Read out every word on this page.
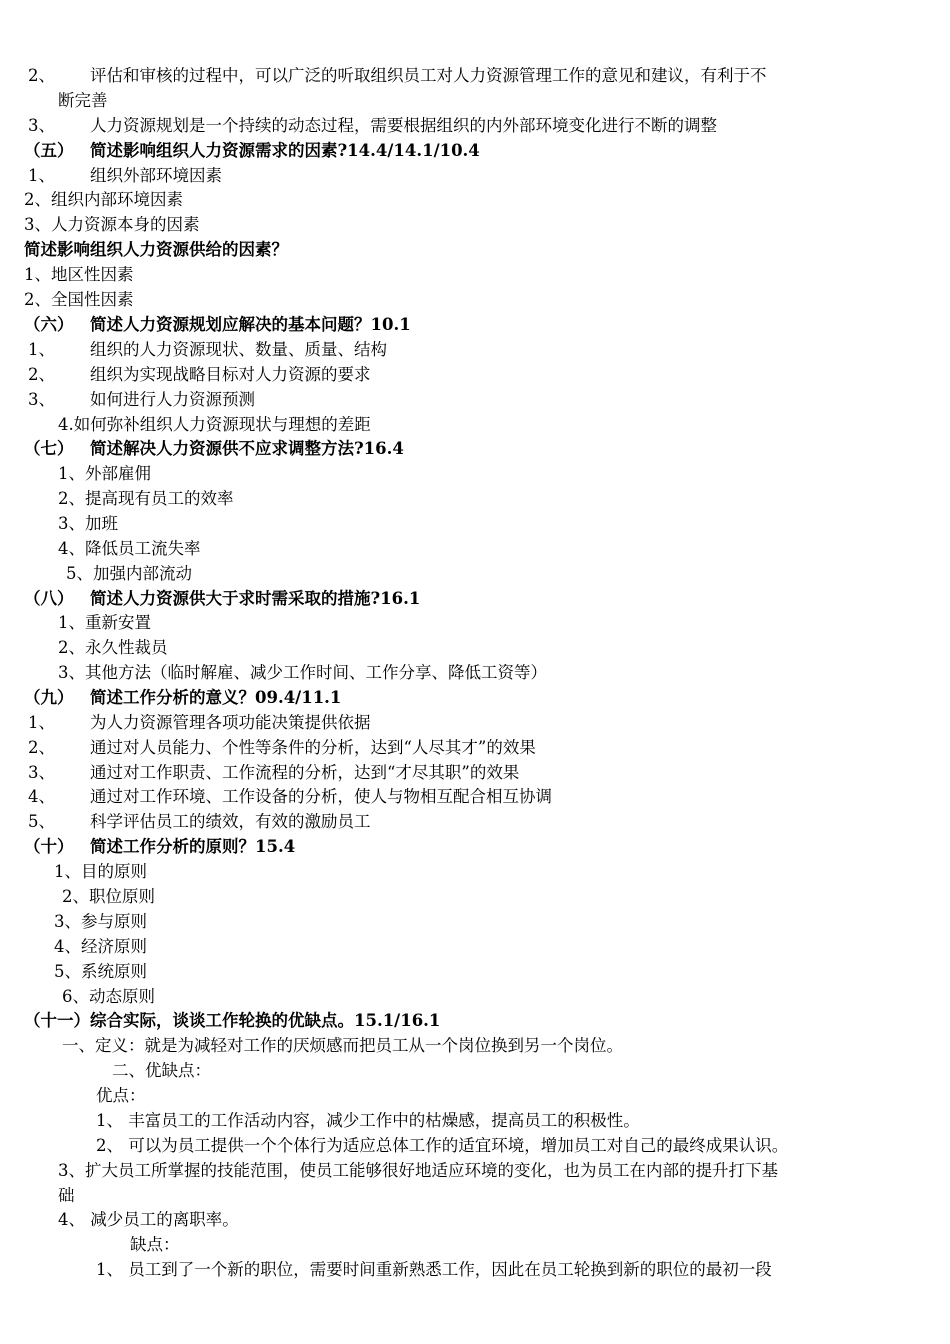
2、 评估和审核的过程中，可以广泛的听取组织员工对人力资源管理工作的意见和建议，有利于不
断完善
3、 人力资源规划是一个持续的动态过程，需要根据组织的内外部环境变化进行不断的调整
（五） 简述影响组织人力资源需求的因素?14.4/14.1/10.4
1、 组织外部环境因素
2、组织内部环境因素
3、人力资源本身的因素
简述影响组织人力资源供给的因素？
1、地区性因素
2、全国性因素
（六） 简述人力资源规划应解决的基本问题？10.1
1、 组织的人力资源现状、数量、质量、结构
2、 组织为实现战略目标对人力资源的要求
3、 如何进行人力资源预测
4.如何弥补组织人力资源现状与理想的差距
（七） 简述解决人力资源供不应求调整方法?16.4
1、外部雇佣
2、提高现有员工的效率
3、加班
4、降低员工流失率
5、加强内部流动
（八） 简述人力资源供大于求时需采取的措施?16.1
1、重新安置
2、永久性裁员
3、其他方法（临时解雇、减少工作时间、工作分享、降低工资等）
（九） 简述工作分析的意义？09.4/11.1
1、 为人力资源管理各项功能决策提供依据
2、 通过对人员能力、个性等条件的分析，达到“人尽其才”的效果
3、 通过对工作职责、工作流程的分析，达到“才尽其职”的效果
4、 通过对工作环境、工作设备的分析，使人与物相互配合相互协调
5、 科学评估员工的绩效，有效的激励员工
（十） 简述工作分析的原则？15.4
1、目的原则
2、职位原则
3、参与原则
4、经济原则
5、系统原则
6、动态原则
（十一）综合实际，谈谈工作轮换的优缺点。15.1/16.1
一、定义：就是为减轻对工作的厌烦感而把员工从一个岗位换到另一个岗位。
二、优缺点：
优点：
1、 丰富员工的工作活动内容，减少工作中的枯燥感，提高员工的积极性。
2、 可以为员工提供一个个体行为适应总体工作的适宜环境，增加员工对自己的最终成果认识。
3、扩大员工所掌握的技能范围，使员工能够很好地适应环境的变化，也为员工在内部的提升打下基
础
4、 减少员工的离职率。
缺点：
1、 员工到了一个新的职位，需要时间重新熟悉工作，因此在员工轮换到新的职位的最初一段
